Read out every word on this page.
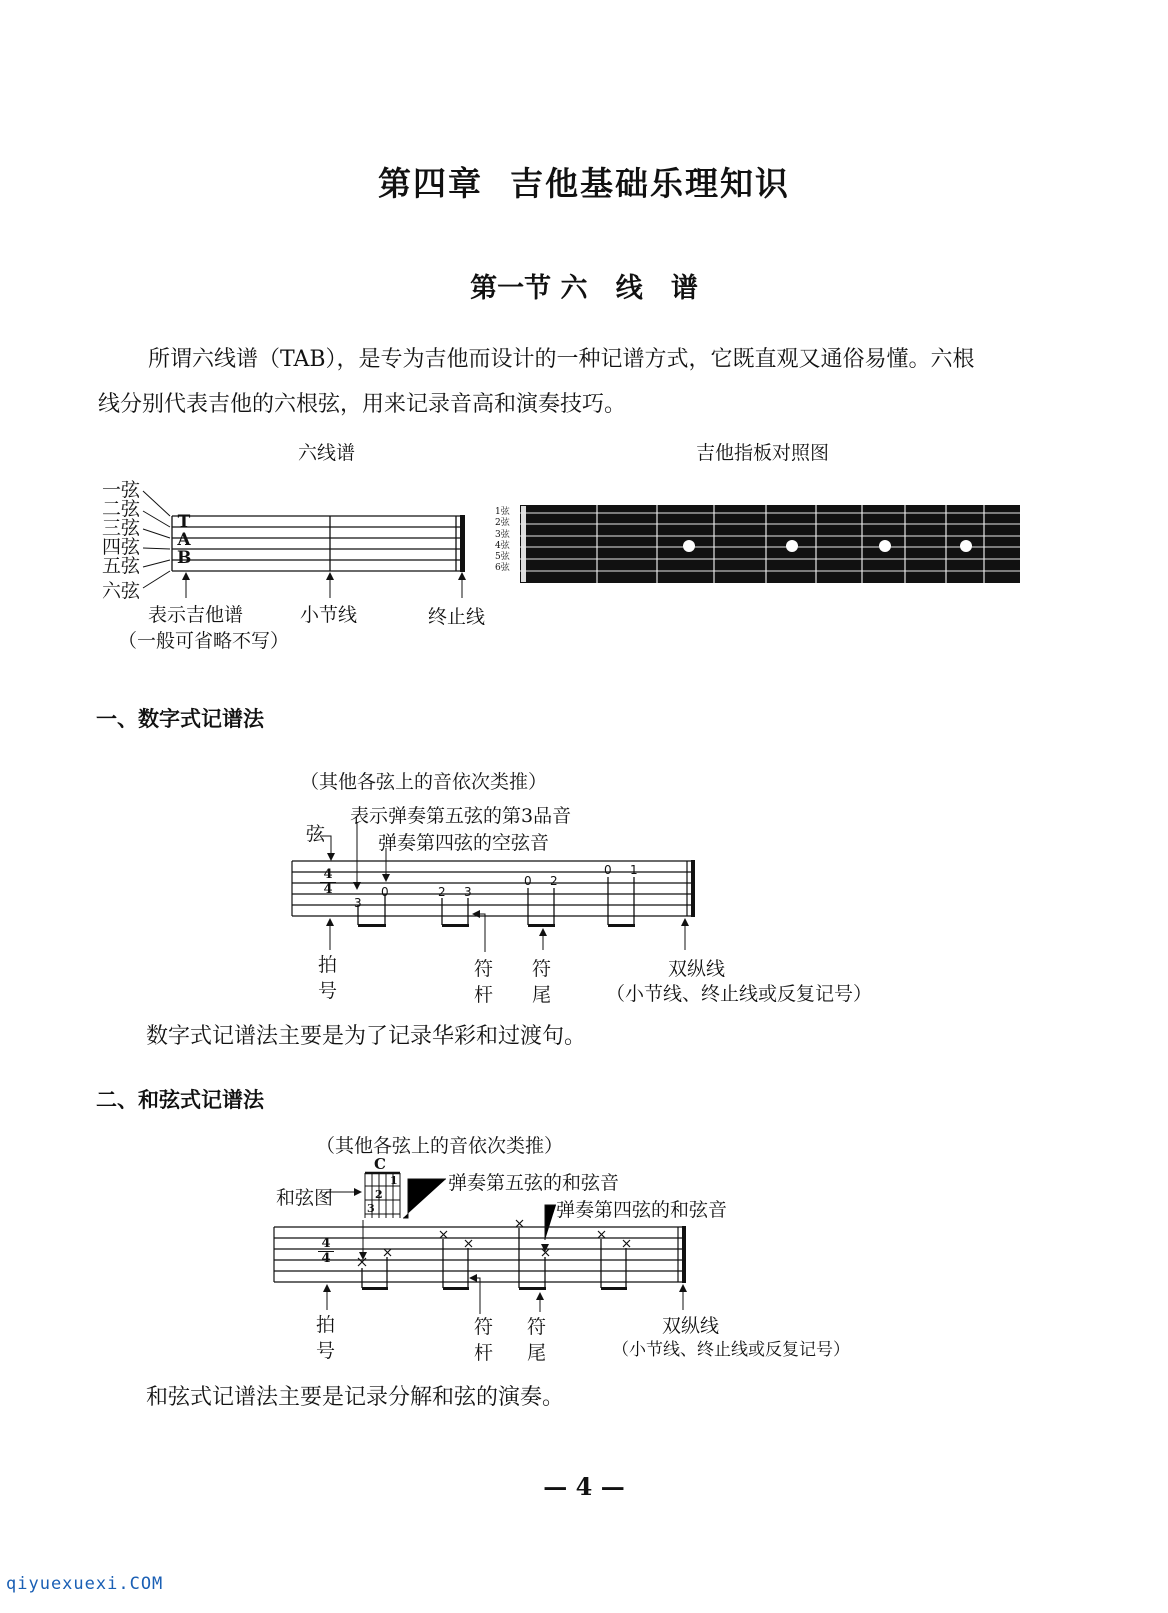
第四章  吉他基础乐理知识
第一节 六   线   谱
所谓六线谱（TAB），是专为吉他而设计的一种记谱方式，它既直观又通俗易懂。六根
线分别代表吉他的六根弦，用来记录音高和演奏技巧。
六线谱
一弦
二弦
三弦
四弦
五弦
六弦
T
A
B
表示吉他谱
（一般可省略不写）
小节线	终止线
吉他指板对照图
1弦
2弦
3弦
4弦
5弦
6弦
一、数字式记谱法
（其他各弦上的音依次类推）
表示弹奏第五弦的第3品音
弹奏第四弦的空弦音
弦
4
4
3
0	2 3
0 2
0 1
拍
号
符
杆
符
尾
双纵线
（小节线、终止线或反复记号）
数字式记谱法主要是为了记录华彩和过渡句。
二、和弦式记谱法
（其他各弦上的音依次类推）
C
和弦图
弹奏第五弦的和弦音
弹奏第四弦的和弦音
1
2
3
4
4
拍
号
符
杆
符
尾
双纵线
（小节线、终止线或反复记号）
和弦式记谱法主要是记录分解和弦的演奏。
— 4 —
qiyuexuexi.COM
